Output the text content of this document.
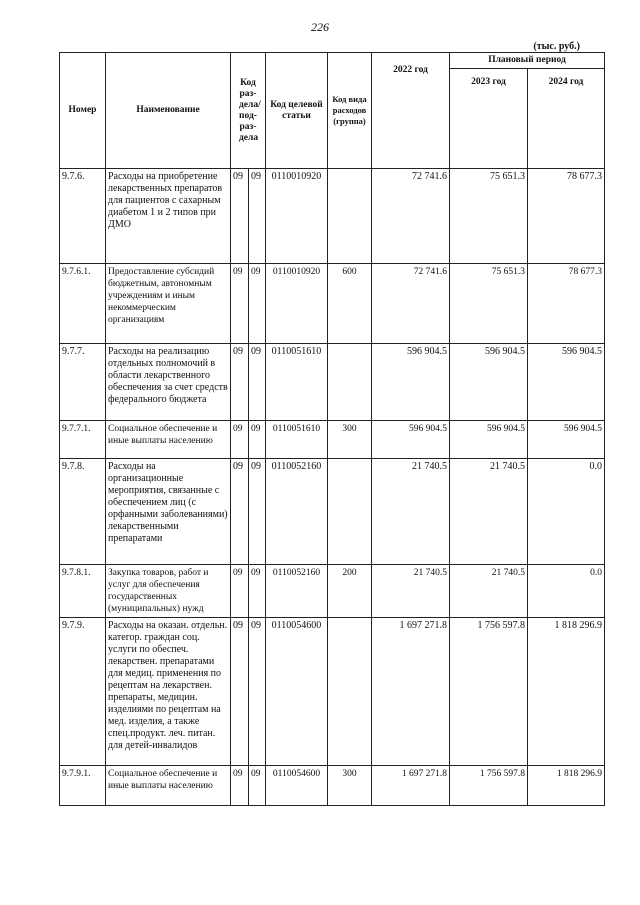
226
(тыс. руб.)
Номер	Наименование	Код раз- дела/ под- раз- дела		Код целевой статьи	Код вида расходов (группа)	2022 год	Плановый период	
							2023 год	2024 год
9.7.6.	Расходы на приобретение лекарственных препаратов для пациентов с сахарным диабетом 1 и 2 типов при ДМО	09	09	0110010920		72 741.6	75 651.3	78 677.3
9.7.6.1.	Предоставление субсидий бюджетным, автономным учреждениям и иным некоммерческим организациям	09	09	0110010920	600	72 741.6	75 651.3	78 677.3
9.7.7.	Расходы на реализацию отдельных полномочий в области лекарственного обеспечения за счет средств федерального бюджета	09	09	0110051610		596 904.5	596 904.5	596 904.5
9.7.7.1.	Социальное обеспечение и иные выплаты населению	09	09	0110051610	300	596 904.5	596 904.5	596 904.5
9.7.8.	Расходы на организационные мероприятия, связанные с обеспечением лиц (с орфанными заболеваниями) лекарственными препаратами	09	09	0110052160		21 740.5	21 740.5	0.0
9.7.8.1.	Закупка товаров, работ и услуг для обеспечения государственных (муниципальных) нужд	09	09	0110052160	200	21 740.5	21 740.5	0.0
9.7.9.	Расходы на оказан. отдельн. категор. граждан соц. услуги по обеспеч. лекарствен. препаратами для медиц. применения по рецептам на лекарствен. препараты, медицин. изделиями по рецептам на мед. изделия, а также спец.продукт. леч. питан. для детей-инвалидов	09	09	0110054600		1 697 271.8	1 756 597.8	1 818 296.9
9.7.9.1.	Социальное обеспечение и иные выплаты населению	09	09	0110054600	300	1 697 271.8	1 756 597.8	1 818 296.9
